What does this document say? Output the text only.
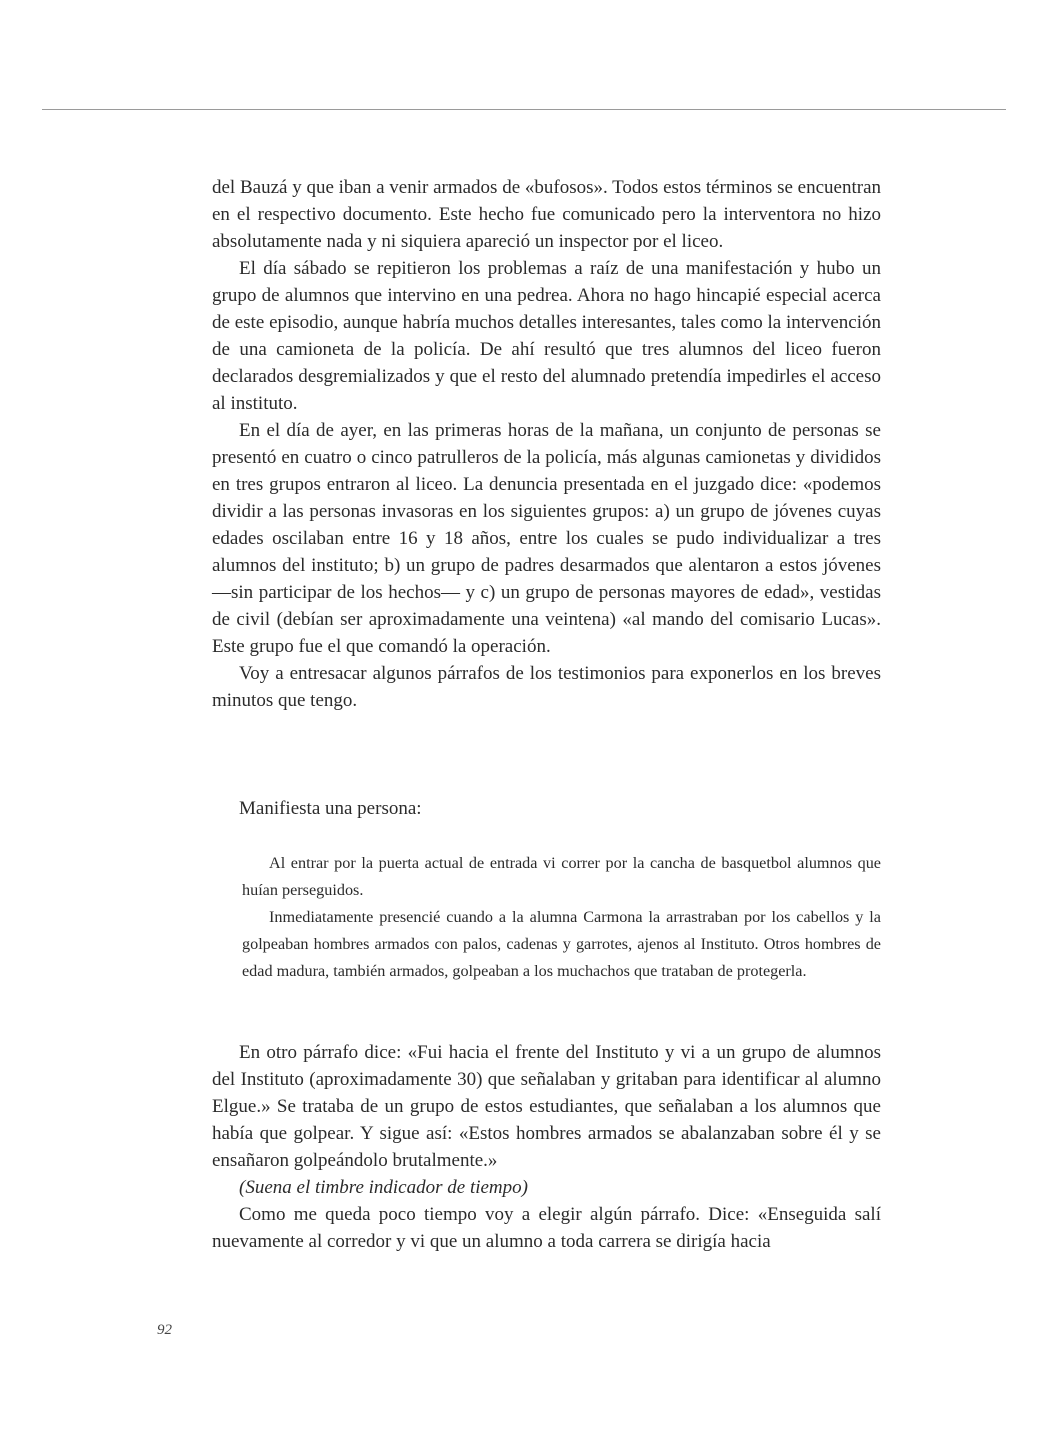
del Bauzá y que iban a venir armados de «bufosos». Todos estos términos se encuentran en el respectivo documento. Este hecho fue comunicado pero la interventora no hizo absolutamente nada y ni siquiera apareció un inspector por el liceo.

El día sábado se repitieron los problemas a raíz de una manifestación y hubo un grupo de alumnos que intervino en una pedrea. Ahora no hago hincapié especial acerca de este episodio, aunque habría muchos detalles interesantes, tales como la intervención de una camioneta de la policía. De ahí resultó que tres alumnos del liceo fueron declarados desgremializados y que el resto del alumnado pretendía impedirles el acceso al instituto.

En el día de ayer, en las primeras horas de la mañana, un conjunto de personas se presentó en cuatro o cinco patrulleros de la policía, más algunas camionetas y divididos en tres grupos entraron al liceo. La denuncia presentada en el juzgado dice: «podemos dividir a las personas invasoras en los siguientes grupos: a) un grupo de jóvenes cuyas edades oscilaban entre 16 y 18 años, entre los cuales se pudo individualizar a tres alumnos del instituto; b) un grupo de padres desarmados que alentaron a estos jóvenes —sin participar de los hechos— y c) un grupo de personas mayores de edad», vestidas de civil (debían ser aproximadamente una veintena) «al mando del comisario Lucas». Este grupo fue el que comandó la operación.

Voy a entresacar algunos párrafos de los testimonios para exponerlos en los breves minutos que tengo.

Manifiesta una persona:

Al entrar por la puerta actual de entrada vi correr por la cancha de basquetbol alumnos que huían perseguidos.

Inmediatamente presencié cuando a la alumna Carmona la arrastraban por los cabellos y la golpeaban hombres armados con palos, cadenas y garrotes, ajenos al Instituto. Otros hombres de edad madura, también armados, golpeaban a los muchachos que trataban de protegerla.

En otro párrafo dice: «Fui hacia el frente del Instituto y vi a un grupo de alumnos del Instituto (aproximadamente 30) que señalaban y gritaban para identificar al alumno Elgue.» Se trataba de un grupo de estos estudiantes, que señalaban a los alumnos que había que golpear. Y sigue así: «Estos hombres armados se abalanzaban sobre él y se ensañaron golpeándolo brutalmente.»

(Suena el timbre indicador de tiempo)

Como me queda poco tiempo voy a elegir algún párrafo. Dice: «Enseguida salí nuevamente al corredor y vi que un alumno a toda carrera se dirigía hacia

92
